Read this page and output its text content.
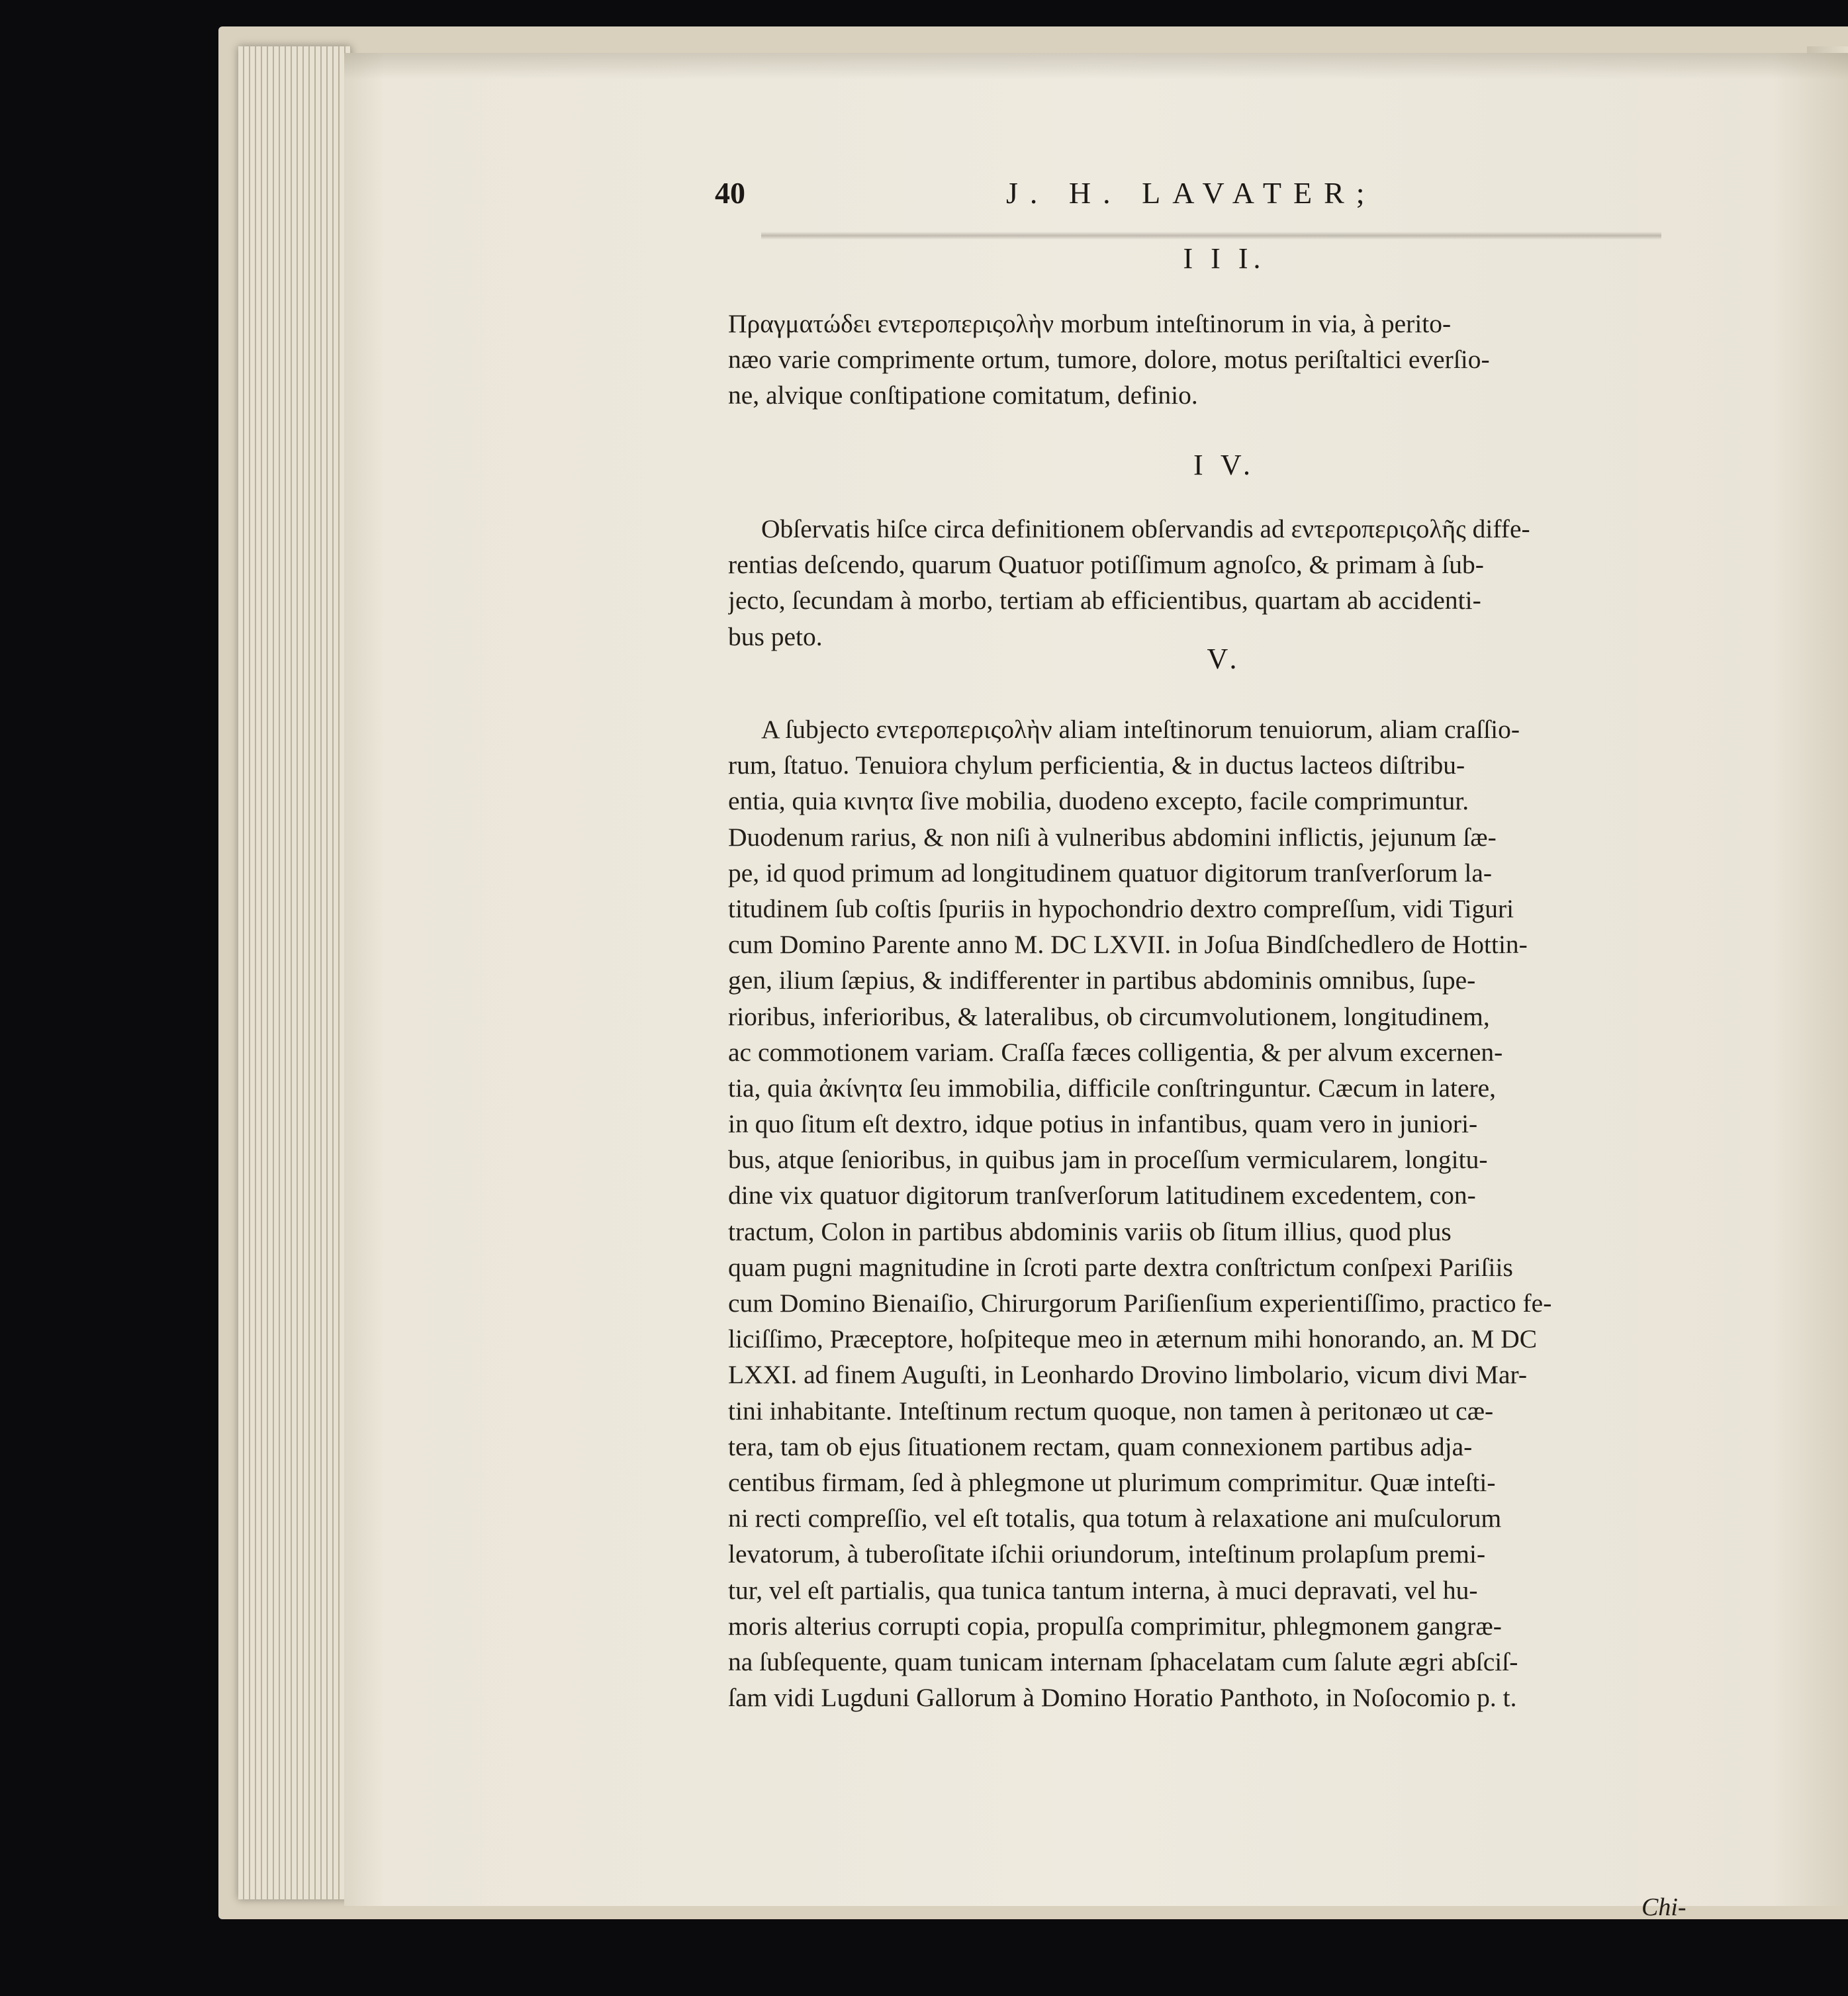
40	J. H. LAVATER;
I I I.
Πραγματώδει εντεροπεριςολὴν morbum inteſtinorum in via, à perito-
næo varie comprimente ortum, tumore, dolore, motus periſtaltici everſio-
ne, alvique conſtipatione comitatum, definio.
I V.
Obſervatis hiſce circa definitionem obſervandis ad εντεροπεριςολῆς diffe-
rentias deſcendo, quarum Quatuor potiſſimum agnoſco, & primam à ſub-
jecto, ſecundam à morbo, tertiam ab efficientibus, quartam ab accidenti-
bus peto.
V.
A ſubjecto εντεροπεριςολὴν aliam inteſtinorum tenuiorum, aliam craſſio-
rum, ſtatuo. Tenuiora chylum perficientia, & in ductus lacteos diſtribu-
entia, quia κινητα ſive mobilia, duodeno excepto, facile comprimuntur.
Duodenum rarius, & non niſi à vulneribus abdomini inflictis, jejunum ſæ-
pe, id quod primum ad longitudinem quatuor digitorum tranſverſorum la-
titudinem ſub coſtis ſpuriis in hypochondrio dextro compreſſum, vidi Tiguri
cum Domino Parente anno M. DC LXVII. in Joſua Bindſchedlero de Hottin-
gen, ilium ſæpius, & indifferenter in partibus abdominis omnibus, ſupe-
rioribus, inferioribus, & lateralibus, ob circumvolutionem, longitudinem,
ac commotionem variam. Craſſa fæces colligentia, & per alvum excernen-
tia, quia ἀκίνητα ſeu immobilia, difficile conſtringuntur. Cæcum in latere,
in quo ſitum eſt dextro, idque potius in infantibus, quam vero in juniori-
bus, atque ſenioribus, in quibus jam in proceſſum vermicularem, longitu-
dine vix quatuor digitorum tranſverſorum latitudinem excedentem, con-
tractum, Colon in partibus abdominis variis ob ſitum illius, quod plus
quam pugni magnitudine in ſcroti parte dextra conſtrictum conſpexi Pariſiis
cum Domino Bienaiſio, Chirurgorum Pariſienſium experientiſſimo, practico fe-
liciſſimo, Præceptore, hoſpiteque meo in æternum mihi honorando, an. M DC
LXXI. ad finem Auguſti, in Leonhardo Drovino limbolario, vicum divi Mar-
tini inhabitante. Inteſtinum rectum quoque, non tamen à peritonæo ut cæ-
tera, tam ob ejus ſituationem rectam, quam connexionem partibus adja-
centibus firmam, ſed à phlegmone ut plurimum comprimitur. Quæ inteſti-
ni recti compreſſio, vel eſt totalis, qua totum à relaxatione ani muſculorum
levatorum, à tuberoſitate iſchii oriundorum, inteſtinum prolapſum premi-
tur, vel eſt partialis, qua tunica tantum interna, à muci depravati, vel hu-
moris alterius corrupti copia, propulſa comprimitur, phlegmonem gangræ-
na ſubſequente, quam tunicam internam ſphacelatam cum ſalute ægri abſciſ-
ſam vidi Lugduni Gallorum à Domino Horatio Panthoto, in Noſocomio p. t.
Chi-
